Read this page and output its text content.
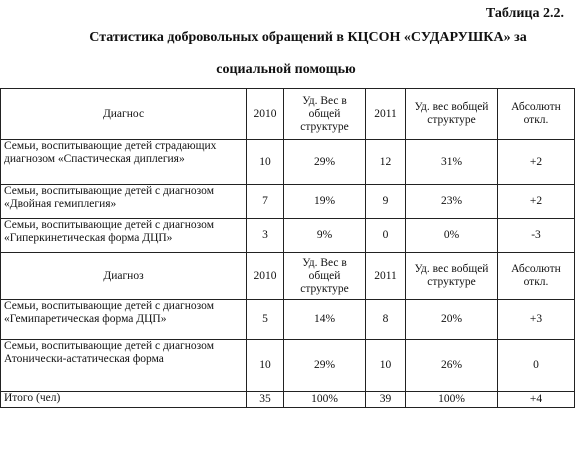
Таблица 2.2.
Статистика добровольных обращений в КЦСОН «СУДАРУШКА» за
социальной помощью
Диагнос	2010	Уд. Вес в общей структуре	2011	Уд. вес вобщей структуре	Абсолютн откл.
Семьи, воспитывающие детей страдающих диагнозом «Спастическая диплегия»	10	29%	12	31%	+2
Семьи, воспитывающие детей с диагнозом «Двойная гемиплегия»	7	19%	9	23%	+2
Семьи, воспитывающие детей с диагнозом «Гиперкинетическая форма ДЦП»	3	9%	0	0%	-3
Диагноз	2010	Уд. Вес в общей структуре	2011	Уд. вес вобщей структуре	Абсолютн откл.
Семьи, воспитывающие детей с диагнозом «Гемипаретическая форма ДЦП»	5	14%	8	20%	+3
Семьи, воспитывающие детей с диагнозом Атонически-астатическая форма	10	29%	10	26%	0
Итого (чел)	35	100%	39	100%	+4
